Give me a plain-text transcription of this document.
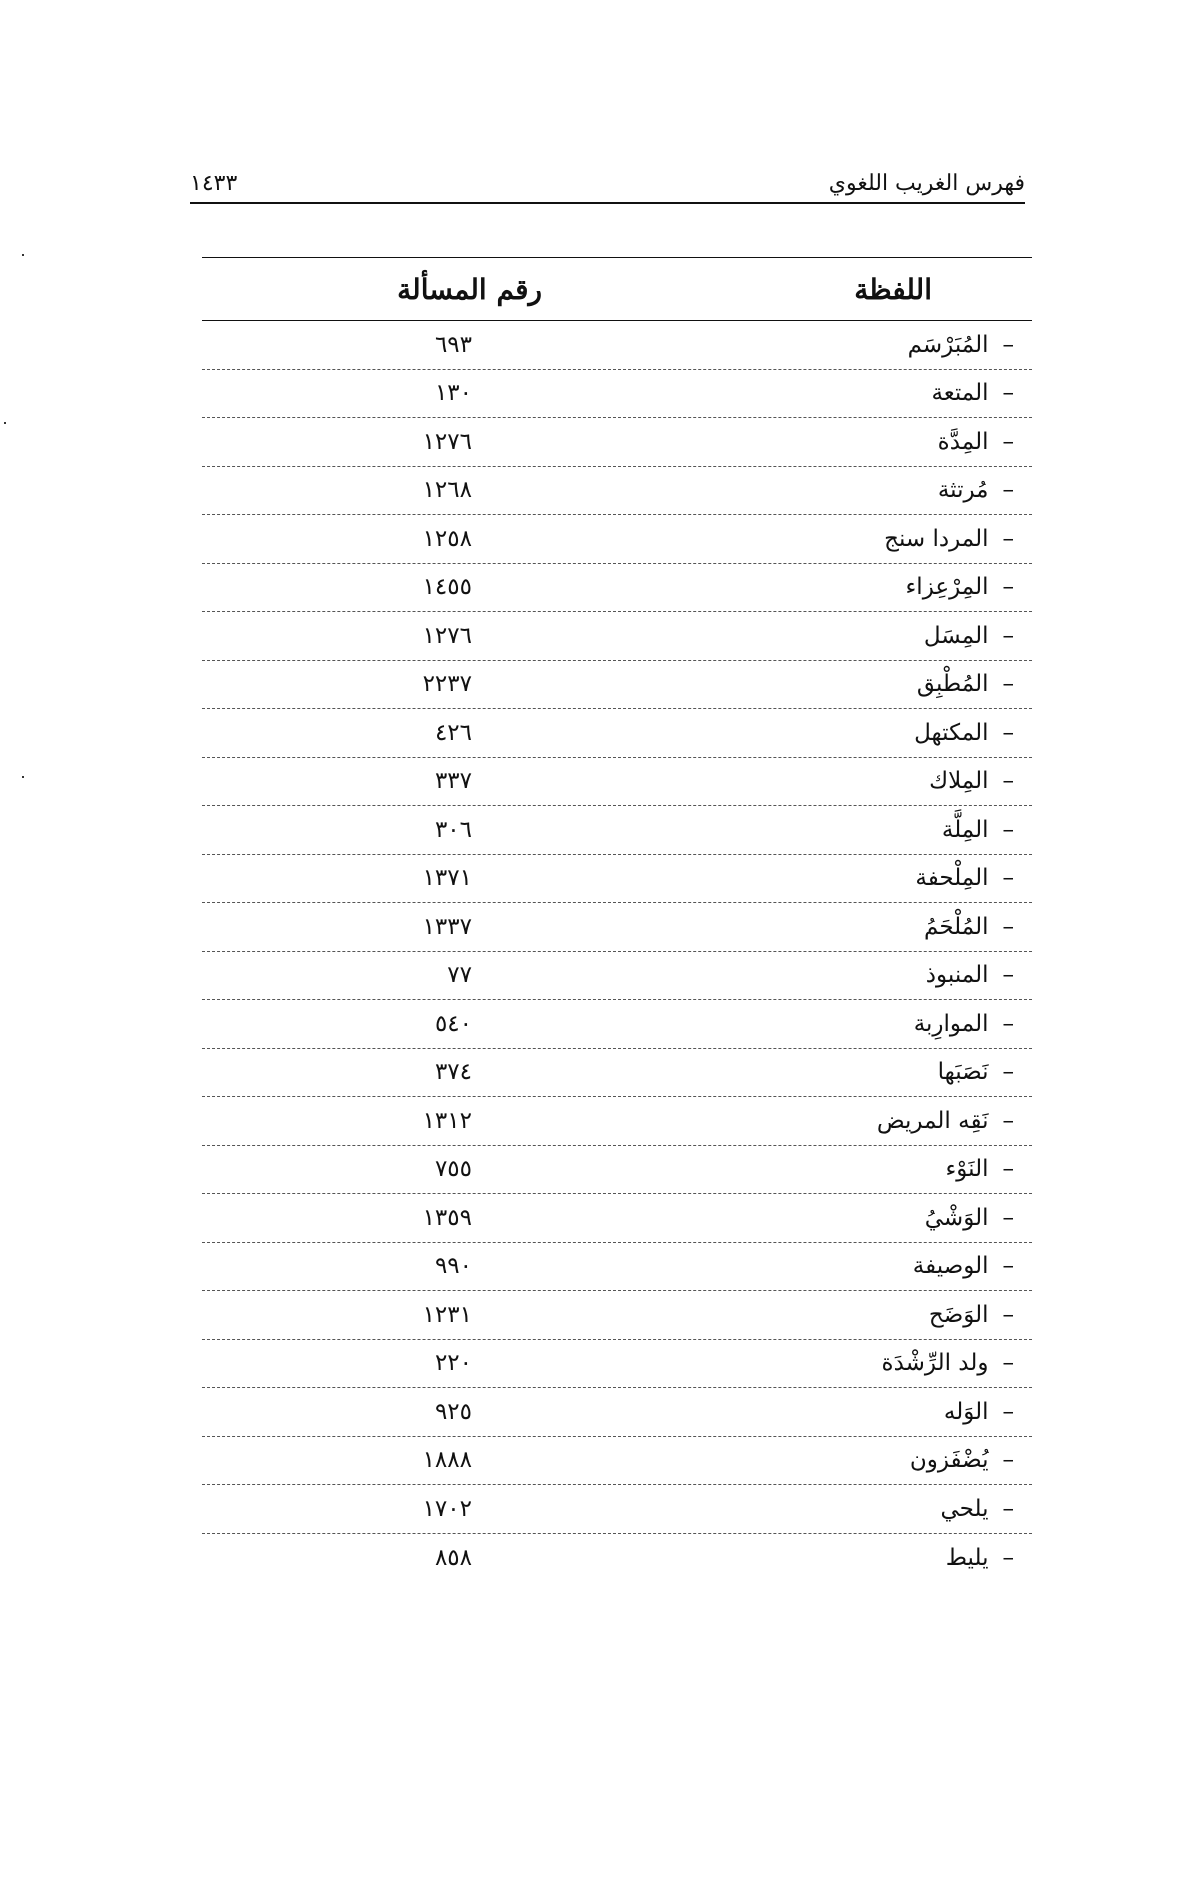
فهرس الغريب اللغوي
١٤٣٣
اللفظة
رقم المسألة
–المُبَرْسَم
٦٩٣
–المتعة
١٣٠
–المِدَّة
١٢٧٦
–مُرتثة
١٢٦٨
–المردا سنج
١٢٥٨
–المِرْعِزاء
١٤٥٥
–المِسَل
١٢٧٦
–المُطْبِق
٢٢٣٧
–المكتهل
٤٢٦
–المِلاك
٣٣٧
–المِلَّة
٣٠٦
–المِلْحفة
١٣٧١
–المُلْحَمُ
١٣٣٧
–المنبوذ
٧٧
–الموارِبة
٥٤٠
–نَصَبَها
٣٧٤
–نَقِه المريض
١٣١٢
–النَوْء
٧٥٥
–الوَشْيُ
١٣٥٩
–الوصيفة
٩٩٠
–الوَضَح
١٢٣١
–ولد الرِّشْدَة
٢٢٠
–الوَله
٩٢٥
–يُضْفَزون
١٨٨٨
–يلحي
١٧٠٢
–يليط
٨٥٨
